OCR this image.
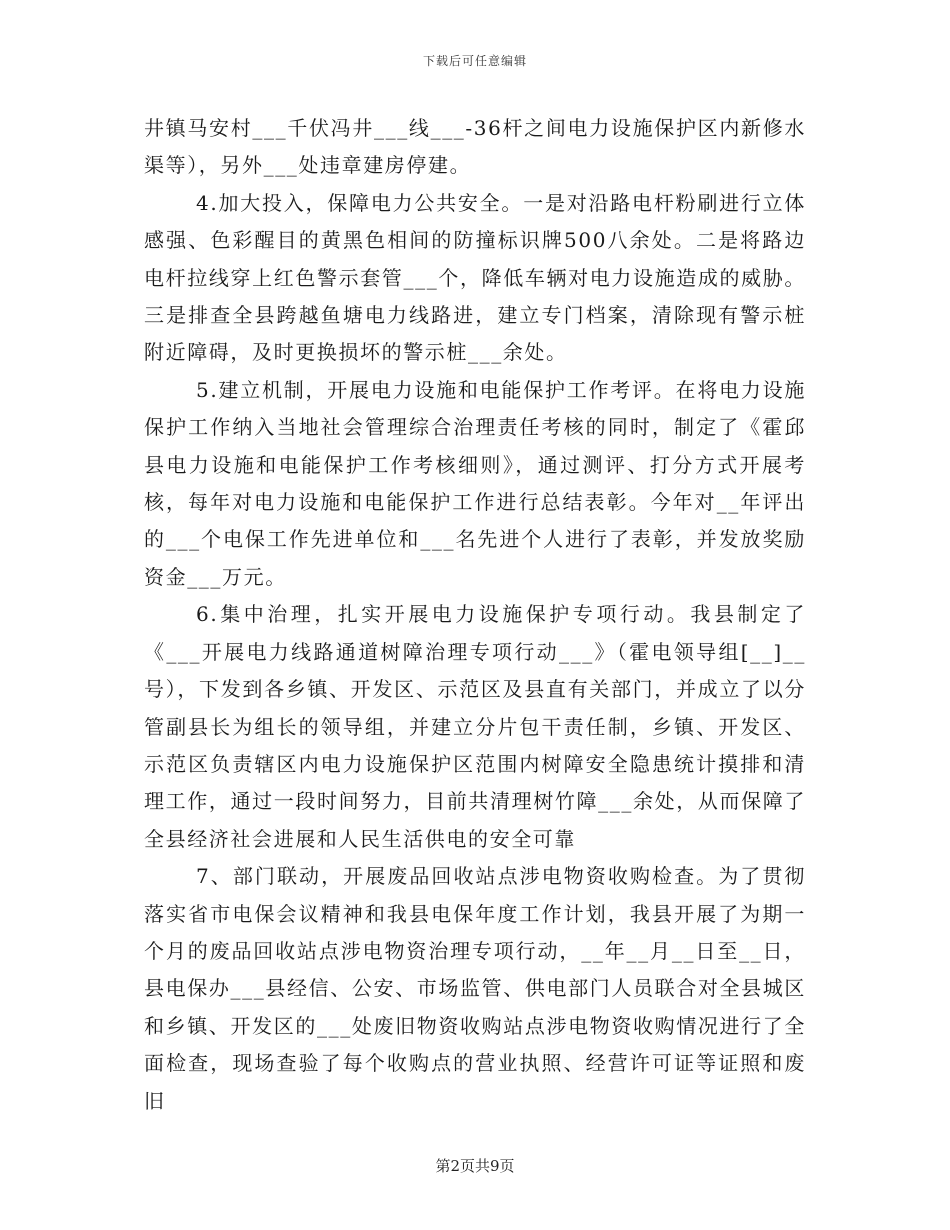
下载后可任意编辑

井镇马安村___千伏冯井___线___-36杆之间电力设施保护区内新修水渠等），另外___处违章建房停建。

4.加大投入，保障电力公共安全。一是对沿路电杆粉刷进行立体感强、色彩醒目的黄黑色相间的防撞标识牌500八余处。二是将路边电杆拉线穿上红色警示套管___个，降低车辆对电力设施造成的威胁。三是排查全县跨越鱼塘电力线路进，建立专门档案，清除现有警示桩附近障碍，及时更换损坏的警示桩___余处。

5.建立机制，开展电力设施和电能保护工作考评。在将电力设施保护工作纳入当地社会管理综合治理责任考核的同时，制定了《霍邱县电力设施和电能保护工作考核细则》，通过测评、打分方式开展考核，每年对电力设施和电能保护工作进行总结表彰。今年对__年评出的___个电保工作先进单位和___名先进个人进行了表彰，并发放奖励资金___万元。

6.集中治理，扎实开展电力设施保护专项行动。我县制定了《___开展电力线路通道树障治理专项行动___》（霍电领导组[__]__号），下发到各乡镇、开发区、示范区及县直有关部门，并成立了以分管副县长为组长的领导组，并建立分片包干责任制，乡镇、开发区、示范区负责辖区内电力设施保护区范围内树障安全隐患统计摸排和清理工作，通过一段时间努力，目前共清理树竹障___余处，从而保障了全县经济社会进展和人民生活供电的安全可靠

7、部门联动，开展废品回收站点涉电物资收购检查。为了贯彻落实省市电保会议精神和我县电保年度工作计划，我县开展了为期一个月的废品回收站点涉电物资治理专项行动，__年__月__日至__日，县电保办___县经信、公安、市场监管、供电部门人员联合对全县城区和乡镇、开发区的___处废旧物资收购站点涉电物资收购情况进行了全面检查，现场查验了每个收购点的营业执照、经营许可证等证照和废旧

第2页共9页
